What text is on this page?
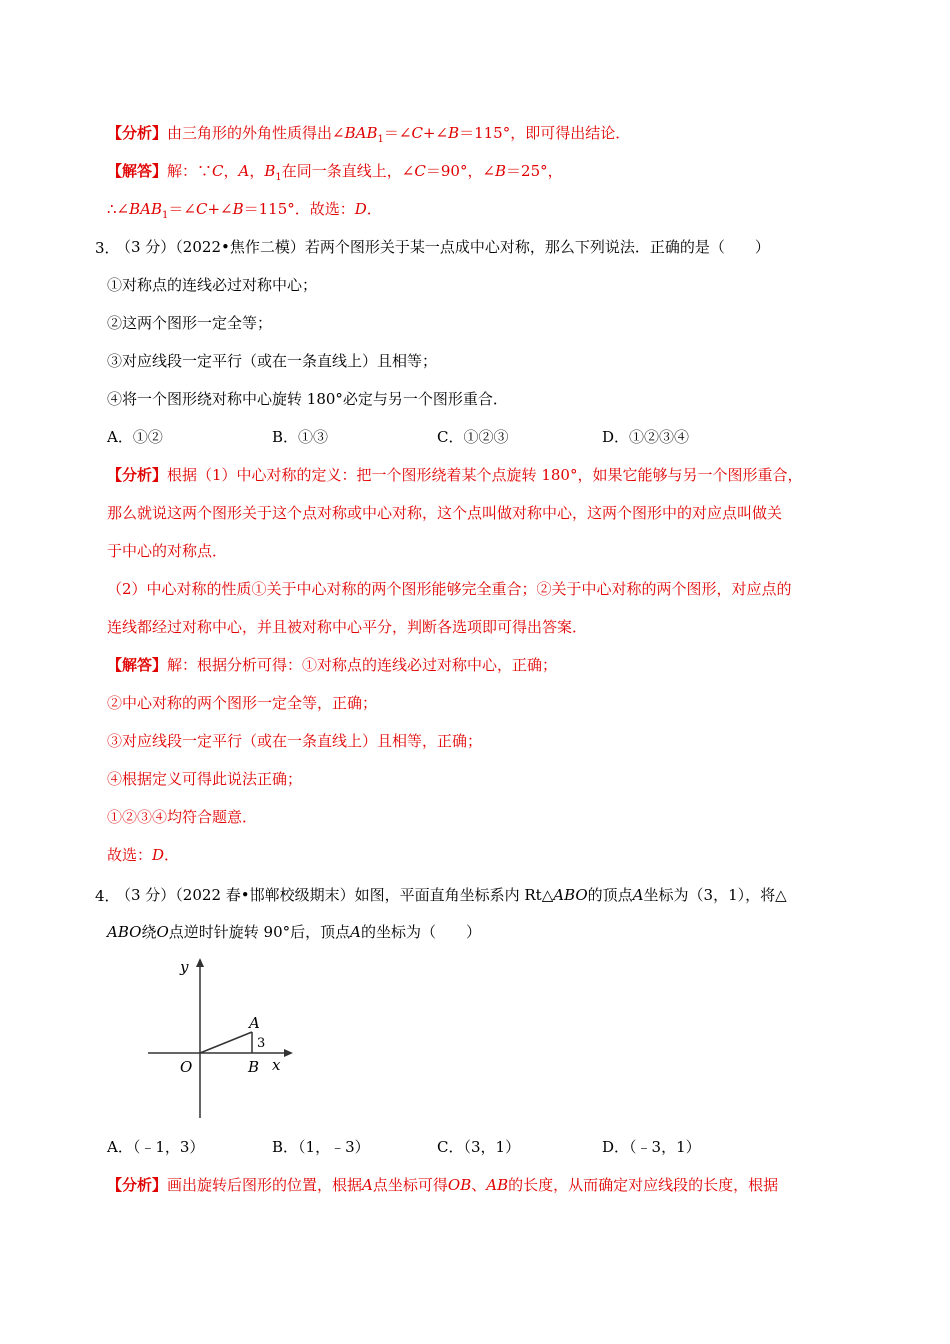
【分析】由三角形的外角性质得出$\angle BAB_1=\angle C+\angle B=115^\circ$，即可得出结论．
【解答】解：∵C，A，$B_1$在同一条直线上，∠C＝90°，∠B＝25°，
$\therefore\angle BAB_1=\angle C+\angle B=115^\circ$．故选：D．
3．
（3 分）（2022•焦作二模）若两个图形关于某一点成中心对称，那么下列说法．正确的是（　　）
①对称点的连线必过对称中心；
②这两个图形一定全等；
③对应线段一定平行（或在一条直线上）且相等；
④将一个图形绕对称中心旋转 180°必定与另一个图形重合．
A．①②	B．①③	C．①②③	D．①②③④
【分析】根据（1）中心对称的定义：把一个图形绕着某个点旋转 180°，如果它能够与另一个图形重合，
那么就说这两个图形关于这个点对称或中心对称，这个点叫做对称中心，这两个图形中的对应点叫做关
于中心的对称点．
（2）中心对称的性质①关于中心对称的两个图形能够完全重合；②关于中心对称的两个图形，对应点的
连线都经过对称中心，并且被对称中心平分，判断各选项即可得出答案．
【解答】解：根据分析可得：①对称点的连线必过对称中心，正确；
②中心对称的两个图形一定全等，正确；
③对应线段一定平行（或在一条直线上）且相等，正确；
④根据定义可得此说法正确；
①②③④均符合题意．
故选：D．
4．
（3 分）（2022 春•邯郸校级期末）如图，平面直角坐标系内 Rt△ABO的顶点A坐标为（3，1），将△
ABO绕O点逆时针旋转 90°后，顶点A的坐标为（　　）
y
x
O
A
B
3
A．（﹣1，3）	B．（1，﹣3）	C．（3，1）	D．（﹣3，1）
【分析】画出旋转后图形的位置，根据A点坐标可得OB、AB的长度，从而确定对应线段的长度，根据
